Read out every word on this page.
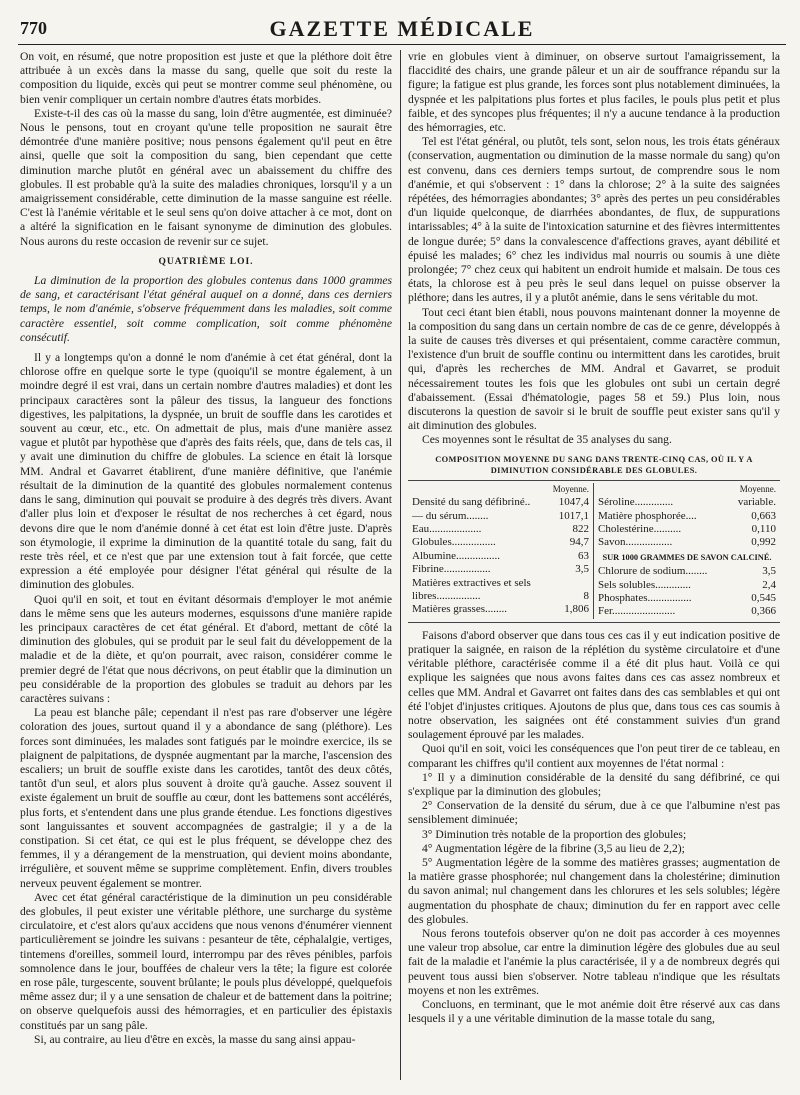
770	GAZETTE MÉDICALE

On voit, en résumé, que notre proposition est juste et que la pléthore doit être attribuée à un excès dans la masse du sang, quelle que soit du reste la composition du liquide, excès qui peut se montrer comme seul phénomène, ou bien venir compliquer un certain nombre d'autres états morbides.

Existe-t-il des cas où la masse du sang, loin d'être augmentée, est diminuée? Nous le pensons, tout en croyant qu'une telle proposition ne saurait être démontrée d'une manière positive; nous pensons également qu'il peut en être ainsi, quelle que soit la composition du sang, bien cependant que cette diminution marche plutôt en général avec un abaissement du chiffre des globules. Il est probable qu'à la suite des maladies chroniques, lorsqu'il y a un amaigrissement considérable, cette diminution de la masse sanguine est réelle. C'est là l'anémie véritable et le seul sens qu'on doive attacher à ce mot, dont on a altéré la signification en le faisant synonyme de diminution des globules. Nous aurons du reste occasion de revenir sur ce sujet.

QUATRIÈME LOI.

La diminution de la proportion des globules contenus dans 1000 grammes de sang, et caractérisant l'état général auquel on a donné, dans ces derniers temps, le nom d'anémie, s'observe fréquemment dans les maladies, soit comme caractère essentiel, soit comme complication, soit comme phénomène consécutif.

Il y a longtemps qu'on a donné le nom d'anémie à cet état général, dont la chlorose offre en quelque sorte le type (quoiqu'il se montre également, à un moindre degré il est vrai, dans un certain nombre d'autres maladies) et dont les principaux caractères sont la pâleur des tissus, la langueur des fonctions digestives, les palpitations, la dyspnée, un bruit de souffle dans les carotides et souvent au cœur, etc., etc. On admettait de plus, mais d'une manière assez vague et plutôt par hypothèse que d'après des faits réels, que, dans de tels cas, il y avait une diminution du chiffre de globules. La science en était là lorsque MM. Andral et Gavarret établirent, d'une manière définitive, que l'anémie résultait de la diminution de la quantité des globules normalement contenus dans le sang, diminution qui pouvait se produire à des degrés très divers. Avant d'aller plus loin et d'exposer le résultat de nos recherches à cet égard, nous devons dire que le nom d'anémie donné à cet état est loin d'être juste. D'après son étymologie, il exprime la diminution de la quantité totale du sang, fait du reste très réel, et ce n'est que par une extension tout à fait forcée, que cette expression a été employée pour désigner l'état général qui résulte de la diminution des globules.

Quoi qu'il en soit, et tout en évitant désormais d'employer le mot anémie dans le même sens que les auteurs modernes, esquissons d'une manière rapide les principaux caractères de cet état général. Et d'abord, mettant de côté la diminution des globules, qui se produit par le seul fait du développement de la maladie et de la diète, et qu'on pourrait, avec raison, considérer comme le premier degré de l'état que nous décrivons, on peut établir que la diminution un peu considérable de la proportion des globules se traduit au dehors par les caractères suivans :

La peau est blanche pâle; cependant il n'est pas rare d'observer une légère coloration des joues, surtout quand il y a abondance de sang (pléthore). Les forces sont diminuées, les malades sont fatigués par le moindre exercice, ils se plaignent de palpitations, de dyspnée augmentant par la marche, l'ascension des escaliers; un bruit de souffle existe dans les carotides, tantôt des deux côtés, tantôt d'un seul, et alors plus souvent à droite qu'à gauche. Assez souvent il existe également un bruit de souffle au cœur, dont les battemens sont accélérés, plus forts, et s'entendent dans une plus grande étendue. Les fonctions digestives sont languissantes et souvent accompagnées de gastralgie; il y a de la constipation. Si cet état, ce qui est le plus fréquent, se développe chez des femmes, il y a dérangement de la menstruation, qui devient moins abondante, irrégulière, et souvent même se supprime complètement. Enfin, divers troubles nerveux peuvent également se montrer.

Avec cet état général caractéristique de la diminution un peu considérable des globules, il peut exister une véritable pléthore, une surcharge du système circulatoire, et c'est alors qu'aux accidens que nous venons d'énumérer viennent particulièrement se joindre les suivans : pesanteur de tête, céphalalgie, vertiges, tintemens d'oreilles, sommeil lourd, interrompu par des rêves pénibles, parfois somnolence dans le jour, bouffées de chaleur vers la tête; la figure est colorée en rose pâle, turgescente, souvent brûlante; le pouls plus développé, quelquefois même assez dur; il y a une sensation de chaleur et de battement dans la poitrine; on observe quelquefois aussi des hémorragies, et en particulier des épistaxis constitués par un sang pâle.

Si, au contraire, au lieu d'être en excès, la masse du sang ainsi appau-

vrie en globules vient à diminuer, on observe surtout l'amaigrissement, la flaccidité des chairs, une grande pâleur et un air de souffrance répandu sur la figure; la fatigue est plus grande, les forces sont plus notablement diminuées, la dyspnée et les palpitations plus fortes et plus faciles, le pouls plus petit et plus faible, et des syncopes plus fréquentes; il n'y a aucune tendance à la production des hémorragies, etc.

Tel est l'état général, ou plutôt, tels sont, selon nous, les trois états généraux (conservation, augmentation ou diminution de la masse normale du sang) qu'on est convenu, dans ces derniers temps surtout, de comprendre sous le nom d'anémie, et qui s'observent : 1° dans la chlorose; 2° à la suite des saignées répétées, des hémorragies abondantes; 3° après des pertes un peu considérables d'un liquide quelconque, de diarrhées abondantes, de flux, de suppurations intarissables; 4° à la suite de l'intoxication saturnine et des fièvres intermittentes de longue durée; 5° dans la convalescence d'affections graves, ayant débilité et épuisé les malades; 6° chez les individus mal nourris ou soumis à une diète prolongée; 7° chez ceux qui habitent un endroit humide et malsain. De tous ces états, la chlorose est à peu près le seul dans lequel on puisse observer la pléthore; dans les autres, il y a plutôt anémie, dans le sens véritable du mot.

Tout ceci étant bien établi, nous pouvons maintenant donner la moyenne de la composition du sang dans un certain nombre de cas de ce genre, développés à la suite de causes très diverses et qui présentaient, comme caractère commun, l'existence d'un bruit de souffle continu ou intermittent dans les carotides, bruit qui, d'après les recherches de MM. Andral et Gavarret, se produit nécessairement toutes les fois que les globules ont subi un certain degré d'abaissement. (Essai d'hématologie, pages 58 et 59.) Plus loin, nous discuterons la question de savoir si le bruit de souffle peut exister sans qu'il y ait diminution des globules.

Ces moyennes sont le résultat de 35 analyses du sang.

COMPOSITION MOYENNE DU SANG DANS TRENTE-CINQ CAS, OÙ IL Y A DIMINUTION CONSIDÉRABLE DES GLOBULES.
Moyenne.
Densité du sang défibriné..	1047,4
— du sérum........	1017,1
Eau...................	822
Globules................	94,7
Albumine................	63
Fibrine.................	3,5
Matières extractives et sels
libres................	8
Matières grasses........	1,806
Moyenne.
Séroline..............	variable.
Matière phosphorée....	0,663
Cholestérine..........	0,110
Savon.................	0,992
SUR 1000 GRAMMES DE SAVON CALCINÉ.
Chlorure de sodium........	3,5
Sels solubles.............	2,4
Phosphates................	0,545
Fer.......................	0,366

Faisons d'abord observer que dans tous ces cas il y eut indication positive de pratiquer la saignée, en raison de la réplétion du système circulatoire et d'une véritable pléthore, caractérisée comme il a été dit plus haut. Voilà ce qui explique les saignées que nous avons faites dans ces cas assez nombreux et celles que MM. Andral et Gavarret ont faites dans des cas semblables et qui ont été l'objet d'injustes critiques. Ajoutons de plus que, dans tous ces cas soumis à notre observation, les saignées ont été constamment suivies d'un grand soulagement éprouvé par les malades.

Quoi qu'il en soit, voici les conséquences que l'on peut tirer de ce tableau, en comparant les chiffres qu'il contient aux moyennes de l'état normal :

1° Il y a diminution considérable de la densité du sang défibriné, ce qui s'explique par la diminution des globules;

2° Conservation de la densité du sérum, due à ce que l'albumine n'est pas sensiblement diminuée;

3° Diminution très notable de la proportion des globules;

4° Augmentation légère de la fibrine (3,5 au lieu de 2,2);

5° Augmentation légère de la somme des matières grasses; augmentation de la matière grasse phosphorée; nul changement dans la cholestérine; diminution du savon animal; nul changement dans les chlorures et les sels solubles; légère augmentation du phosphate de chaux; diminution du fer en rapport avec celle des globules.

Nous ferons toutefois observer qu'on ne doit pas accorder à ces moyennes une valeur trop absolue, car entre la diminution légère des globules due au seul fait de la maladie et l'anémie la plus caractérisée, il y a de nombreux degrés qui peuvent tous aussi bien s'observer. Notre tableau n'indique que les résultats moyens et non les extrêmes.

Concluons, en terminant, que le mot anémie doit être réservé aux cas dans lesquels il y a une véritable diminution de la masse totale du sang,
